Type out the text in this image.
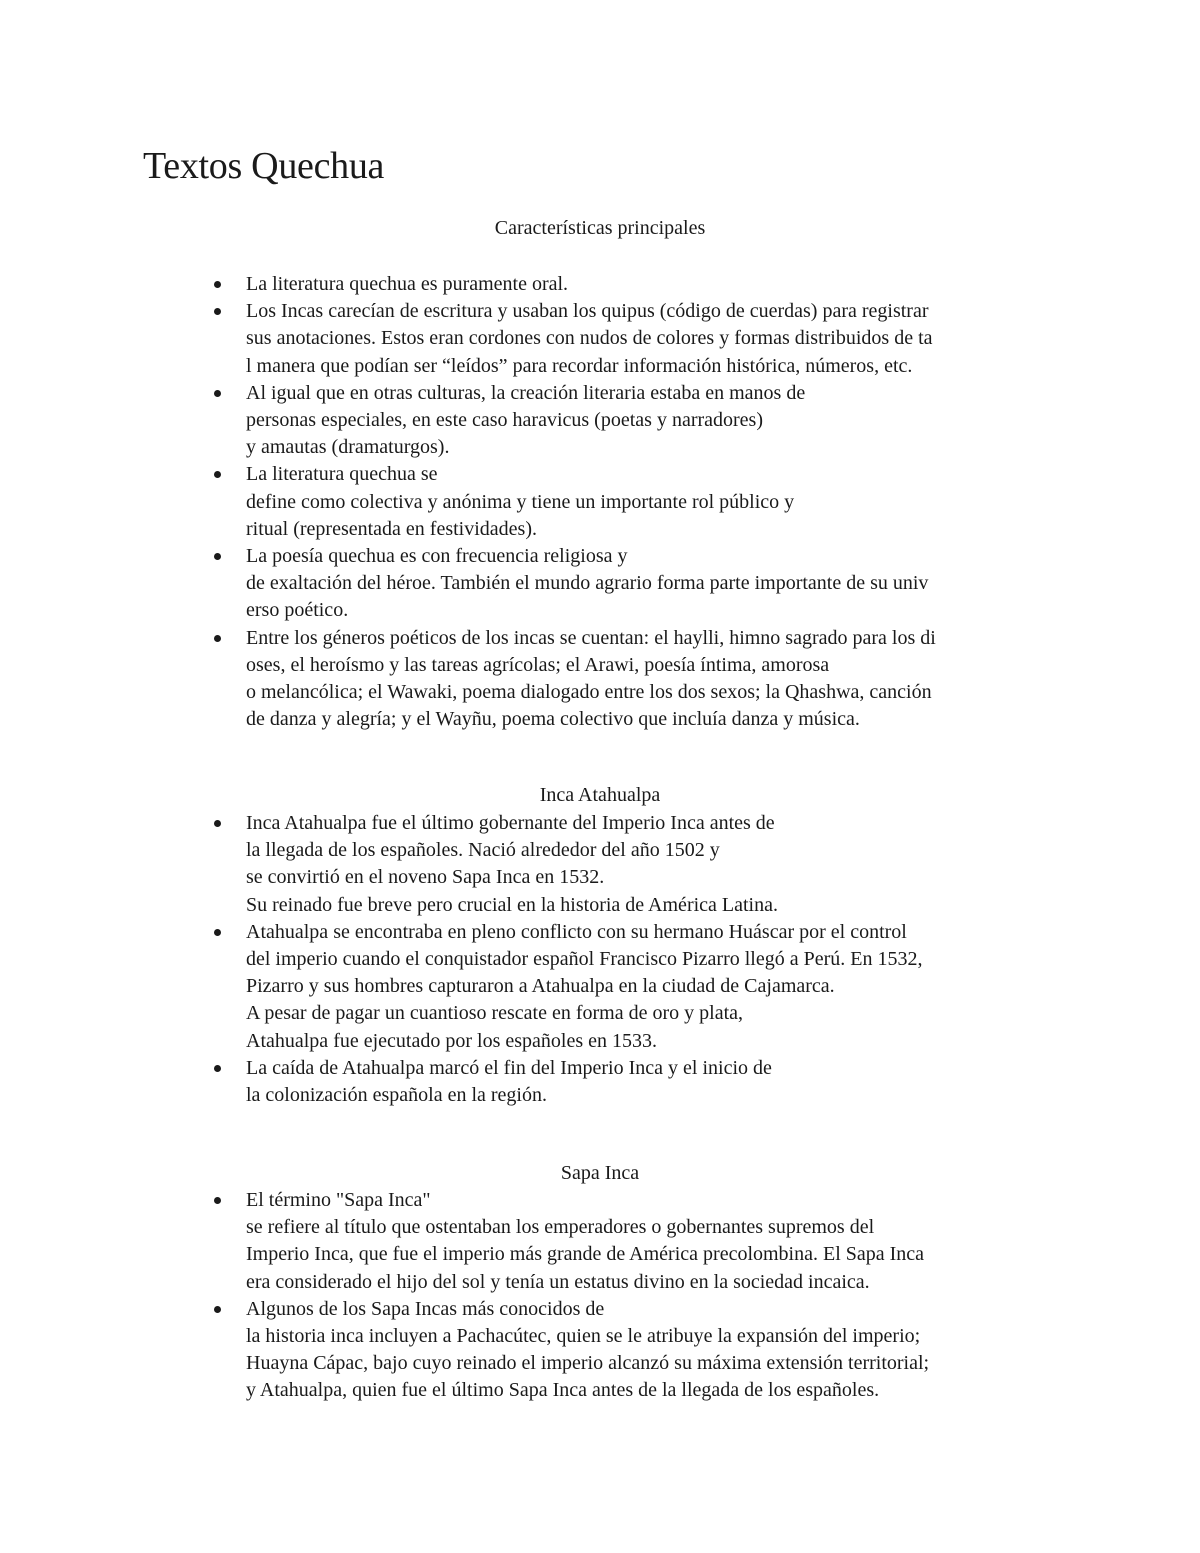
Textos Quechua
Características principales
La literatura quechua es puramente oral.
Los Incas carecían de escritura y usaban los quipus (código de cuerdas) para registrar
sus anotaciones. Estos eran cordones con nudos de colores y formas distribuidos de ta
l manera que podían ser “leídos” para recordar información histórica, números, etc.
Al igual que en otras culturas, la creación literaria estaba en manos de
personas especiales, en este caso haravicus (poetas y narradores)
y amautas (dramaturgos).
La literatura quechua se
define como colectiva y anónima y tiene un importante rol público y
ritual (representada en festividades).
La poesía quechua es con frecuencia religiosa y
de exaltación del héroe. También el mundo agrario forma parte importante de su univ
erso poético.
Entre los géneros poéticos de los incas se cuentan: el haylli, himno sagrado para los di
oses, el heroísmo y las tareas agrícolas; el Arawi, poesía íntima, amorosa
o melancólica; el Wawaki, poema dialogado entre los dos sexos; la Qhashwa, canción
de danza y alegría; y el Wayñu, poema colectivo que incluía danza y música.
Inca Atahualpa
Inca Atahualpa fue el último gobernante del Imperio Inca antes de
la llegada de los españoles. Nació alrededor del año 1502 y
se convirtió en el noveno Sapa Inca en 1532.
Su reinado fue breve pero crucial en la historia de América Latina.
Atahualpa se encontraba en pleno conflicto con su hermano Huáscar por el control
del imperio cuando el conquistador español Francisco Pizarro llegó a Perú. En 1532,
Pizarro y sus hombres capturaron a Atahualpa en la ciudad de Cajamarca.
A pesar de pagar un cuantioso rescate en forma de oro y plata,
Atahualpa fue ejecutado por los españoles en 1533.
La caída de Atahualpa marcó el fin del Imperio Inca y el inicio de
la colonización española en la región.
Sapa Inca
El término "Sapa Inca"
se refiere al título que ostentaban los emperadores o gobernantes supremos del
Imperio Inca, que fue el imperio más grande de América precolombina. El Sapa Inca
era considerado el hijo del sol y tenía un estatus divino en la sociedad incaica.
Algunos de los Sapa Incas más conocidos de
la historia inca incluyen a Pachacútec, quien se le atribuye la expansión del imperio;
Huayna Cápac, bajo cuyo reinado el imperio alcanzó su máxima extensión territorial;
y Atahualpa, quien fue el último Sapa Inca antes de la llegada de los españoles.
